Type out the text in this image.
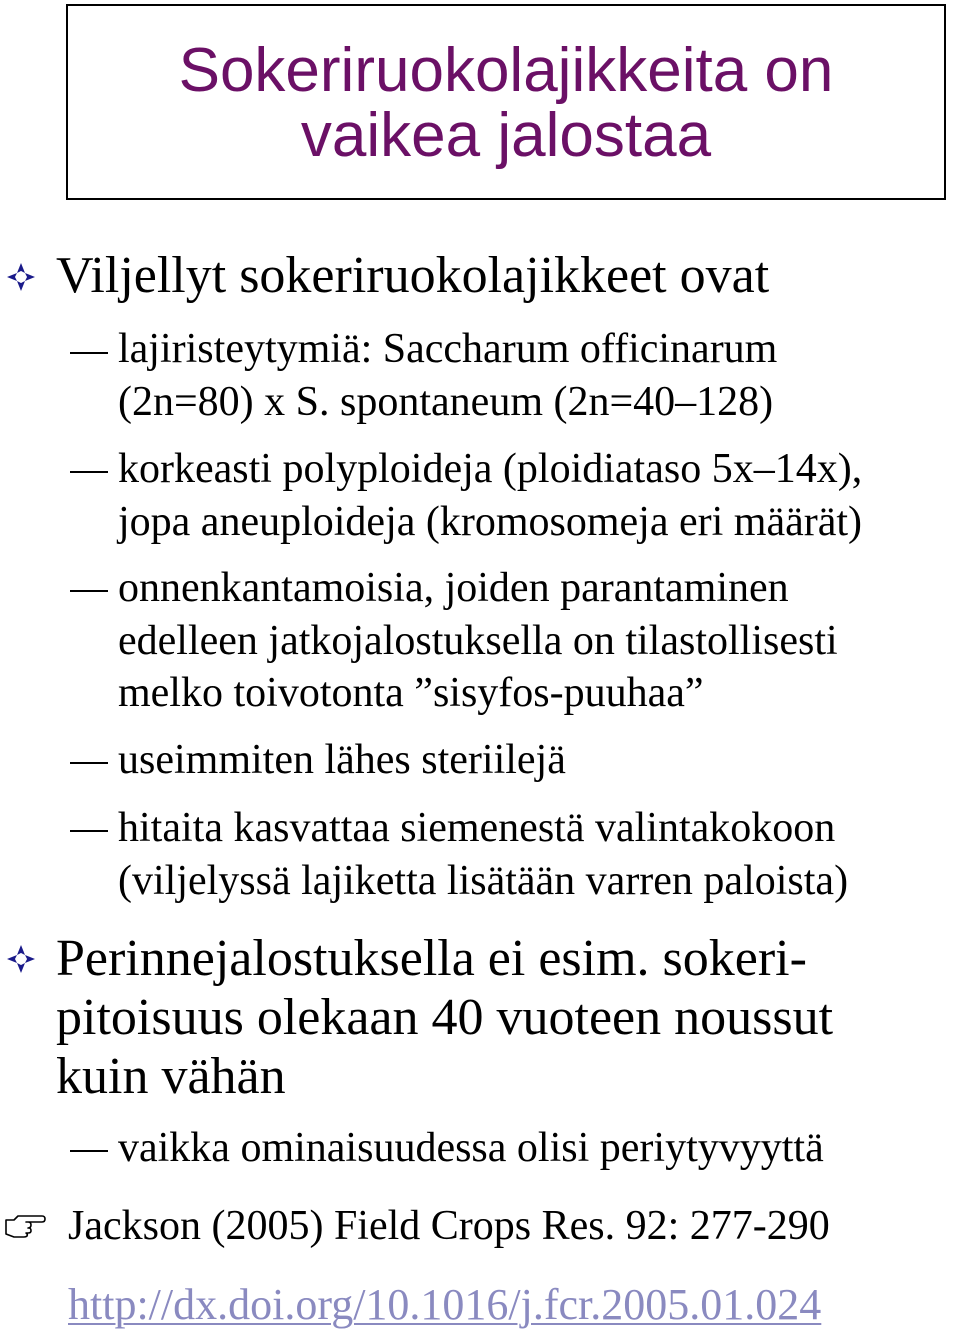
Sokeriruokolajikkeita on
vaikea jalostaa
Viljellyt sokeriruokolajikkeet ovat
lajiristeytymiä: Saccharum officinarum
(2n=80) x S. spontaneum (2n=40–128)
korkeasti polyploideja (ploidiataso 5x–14x),
jopa aneuploideja (kromosomeja eri määrät)
onnenkantamoisia, joiden parantaminen
edelleen jatkojalostuksella on tilastollisesti
melko toivotonta ”sisyfos-puuhaa”
useimmiten lähes steriilejä
hitaita kasvattaa siemenestä valintakokoon
(viljelyssä lajiketta lisätään varren paloista)
Perinnejalostuksella ei esim. sokeri-
pitoisuus olekaan 40 vuoteen noussut
kuin vähän
vaikka ominaisuudessa olisi periytyvyyttä
Jackson (2005) Field Crops Res. 92: 277-290
http://dx.doi.org/10.1016/j.fcr.2005.01.024
